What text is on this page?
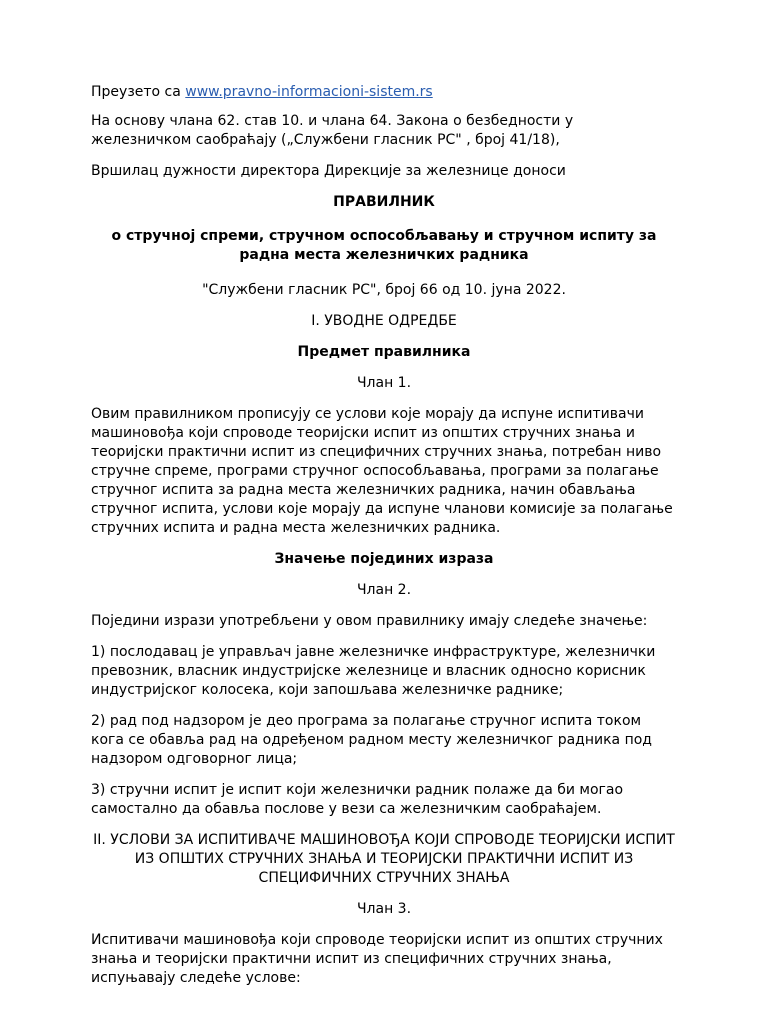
Преузето са www.pravno-informacioni-sistem.rs

На основу члана 62. став 10. и члана 64. Закона о безбедности у железничком саобраћају („Службени гласник РС" , број 41/18),

Вршилац дужности директора Дирекције за железнице доноси

ПРАВИЛНИК

о стручној спреми, стручном оспособљавању и стручном испиту за радна места железничких радника

"Службени гласник РС", број 66 од 10. јуна 2022.

I. УВОДНЕ ОДРЕДБЕ

Предмет правилника

Члан 1.

Овим правилником прописују се услови које морају да испуне испитивачи машиновођа који спроводе теоријски испит из општих стручних знања и теоријски практични испит из специфичних стручних знања, потребан ниво стручне спреме, програми стручног оспособљавања, програми за полагање стручног испита за радна места железничких радника, начин обављања стручног испита, услови које морају да испуне чланови комисије за полагање стручних испита и радна места железничких радника.

Значење појединих израза

Члан 2.

Поједини изрази употребљени у овом правилнику имају следеће значење:

1) послодавац је управљач јавне железничке инфраструктуре, железнички превозник, власник индустријске железнице и власник односно корисник индустријског колосека, који запошљава железничке раднике;

2) рад под надзором је део програма за полагање стручног испита током кога се обавља рад на одређеном радном месту железничког радника под надзором одговорног лица;

3) стручни испит је испит који железнички радник полаже да би могао самостално да обавља послове у вези са железничким саобраћајем.

II. УСЛОВИ ЗА ИСПИТИВАЧЕ МАШИНОВОЂА КОЈИ СПРОВОДЕ ТЕОРИЈСКИ ИСПИТ ИЗ ОПШТИХ СТРУЧНИХ ЗНАЊА И ТЕОРИЈСКИ ПРАКТИЧНИ ИСПИТ ИЗ СПЕЦИФИЧНИХ СТРУЧНИХ ЗНАЊА

Члан 3.

Испитивачи машиновођа који спроводе теоријски испит из општих стручних знања и теоријски практични испит из специфичних стручних знања, испуњавају следеће услове:
